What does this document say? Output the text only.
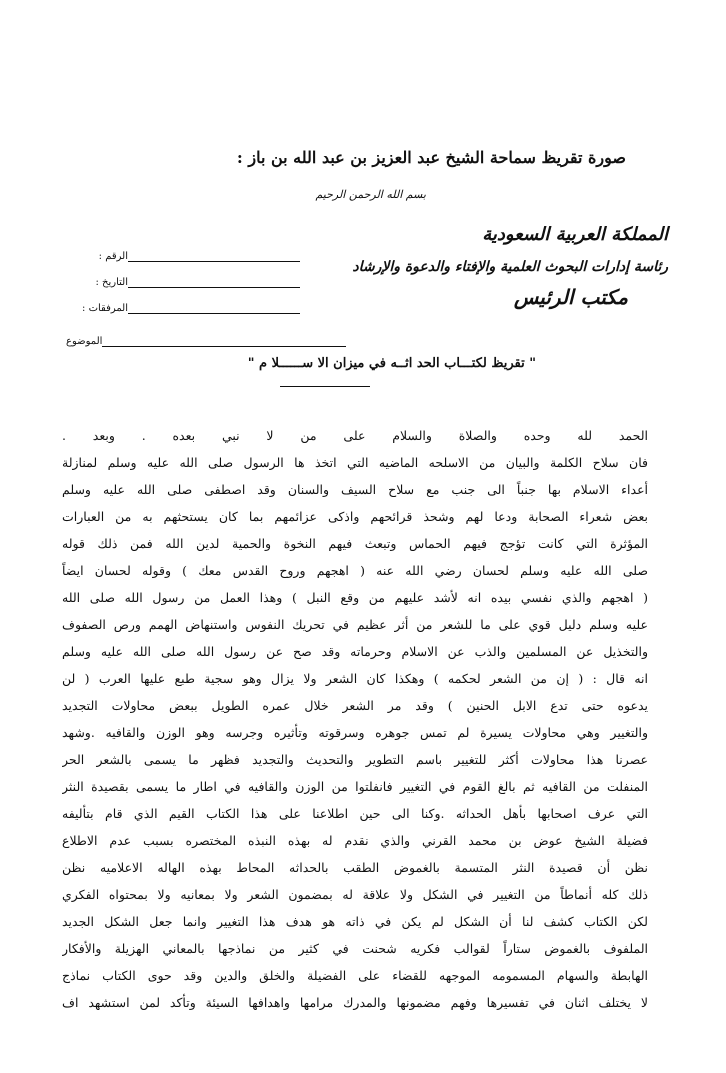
صورة تقريظ سماحة الشيخ عبد العزيز بن عبد الله بن باز :
بسم الله الرحمن الرحيم
المملكة العربية السعودية
رئاسة إدارات البحوث العلمية والإفتاء والدعوة والإرشاد
مكتب الرئيس
الرقم :
التاريخ :
المرفقات :
الموضوع
" تقريظ لكتـــاب الحد اثــه في ميزان الا ســــــلا م "
الحمد لله وحده والصلاة والسلام على من لا نبي بعده . وبعد .
فان سلاح الكلمة والبيان من الاسلحه الماضيه التي اتخذ ها الرسول صلى الله عليه وسلم لمنازلة
أعداء الاسلام بها جنباً الى جنب مع سلاح السيف والسنان وقد اصطفى صلى الله عليه وسلم
بعض شعراء الصحابة ودعا لهم وشحذ قرائحهم واذكى عزائمهم بما كان يستحثهم به من العبارات
المؤثرة التي كانت تؤجج فيهم الحماس وتبعث فيهم النخوة والحمية لدين الله فمن ذلك قوله
صلى الله عليه وسلم لحسان رضي الله عنه ( اهجهم وروح القدس معك ) وقوله لحسان ايضاً
( اهجهم والذي نفسي بيده انه لأشد عليهم من وقع النبل ) وهذا العمل من رسول الله صلى الله
عليه وسلم دليل قوي على ما للشعر من أثر عظيم في تحريك النفوس واستنهاض الهمم ورص الصفوف
والتخذيل عن المسلمين والذب عن الاسلام وحرماته وقد صح عن رسول الله صلى الله عليه وسلم
انه قال : ( إن من الشعر لحكمه ) وهكذا كان الشعر ولا يزال وهو سجية طبع عليها العرب ( لن
يدعوه حتى تدع الابل الحنين ) وقد مر الشعر خلال عمره الطويل ببعض محاولات التجديد
والتغيير وهي محاولات يسيرة لم تمس جوهره وسرقوته وتأثيره وجرسه وهو الوزن والقافيه .وشهد
عصرنا هذا محاولات أكثر للتغيير باسم التطوير والتحديث والتجديد فظهر ما يسمى بالشعر الحر
المنفلت من القافيه ثم بالغ القوم في التغيير فانفلتوا من الوزن والقافيه في اطار ما يسمى بقصيدة النثر
التي عرف اصحابها بأهل الحداثه .وكنا الى حين اطلاعنا على هذا الكتاب القيم الذي قام بتأليفه
فضيلة الشيخ عوض بن محمد القرني والذي نقدم له بهذه النبذه المختصره بسبب عدم الاطلاع
نظن أن قصيدة النثر المتسمة بالغموض الطقب بالحداثه المحاط بهذه الهاله الاعلاميه نظن
ذلك كله أنماطاً من التغيير في الشكل ولا علاقة له بمضمون الشعر ولا بمعانيه ولا بمحتواه الفكري
لكن الكتاب كشف لنا أن الشكل لم يكن في ذاته هو هدف هذا التغيير وانما جعل الشكل الجديد
الملفوف بالغموض ستاراً لقوالب فكريه شحنت في كثير من نماذجها بالمعاني الهزيلة والأفكار
الهابطة والسهام المسمومه الموجهه للقضاء على الفضيلة والخلق والدين وقد حوى الكتاب نماذج
لا يختلف اثنان في تفسيرها وفهم مضمونها والمدرك مرامها واهدافها السيئة وتأكد لمن استشهد اف
